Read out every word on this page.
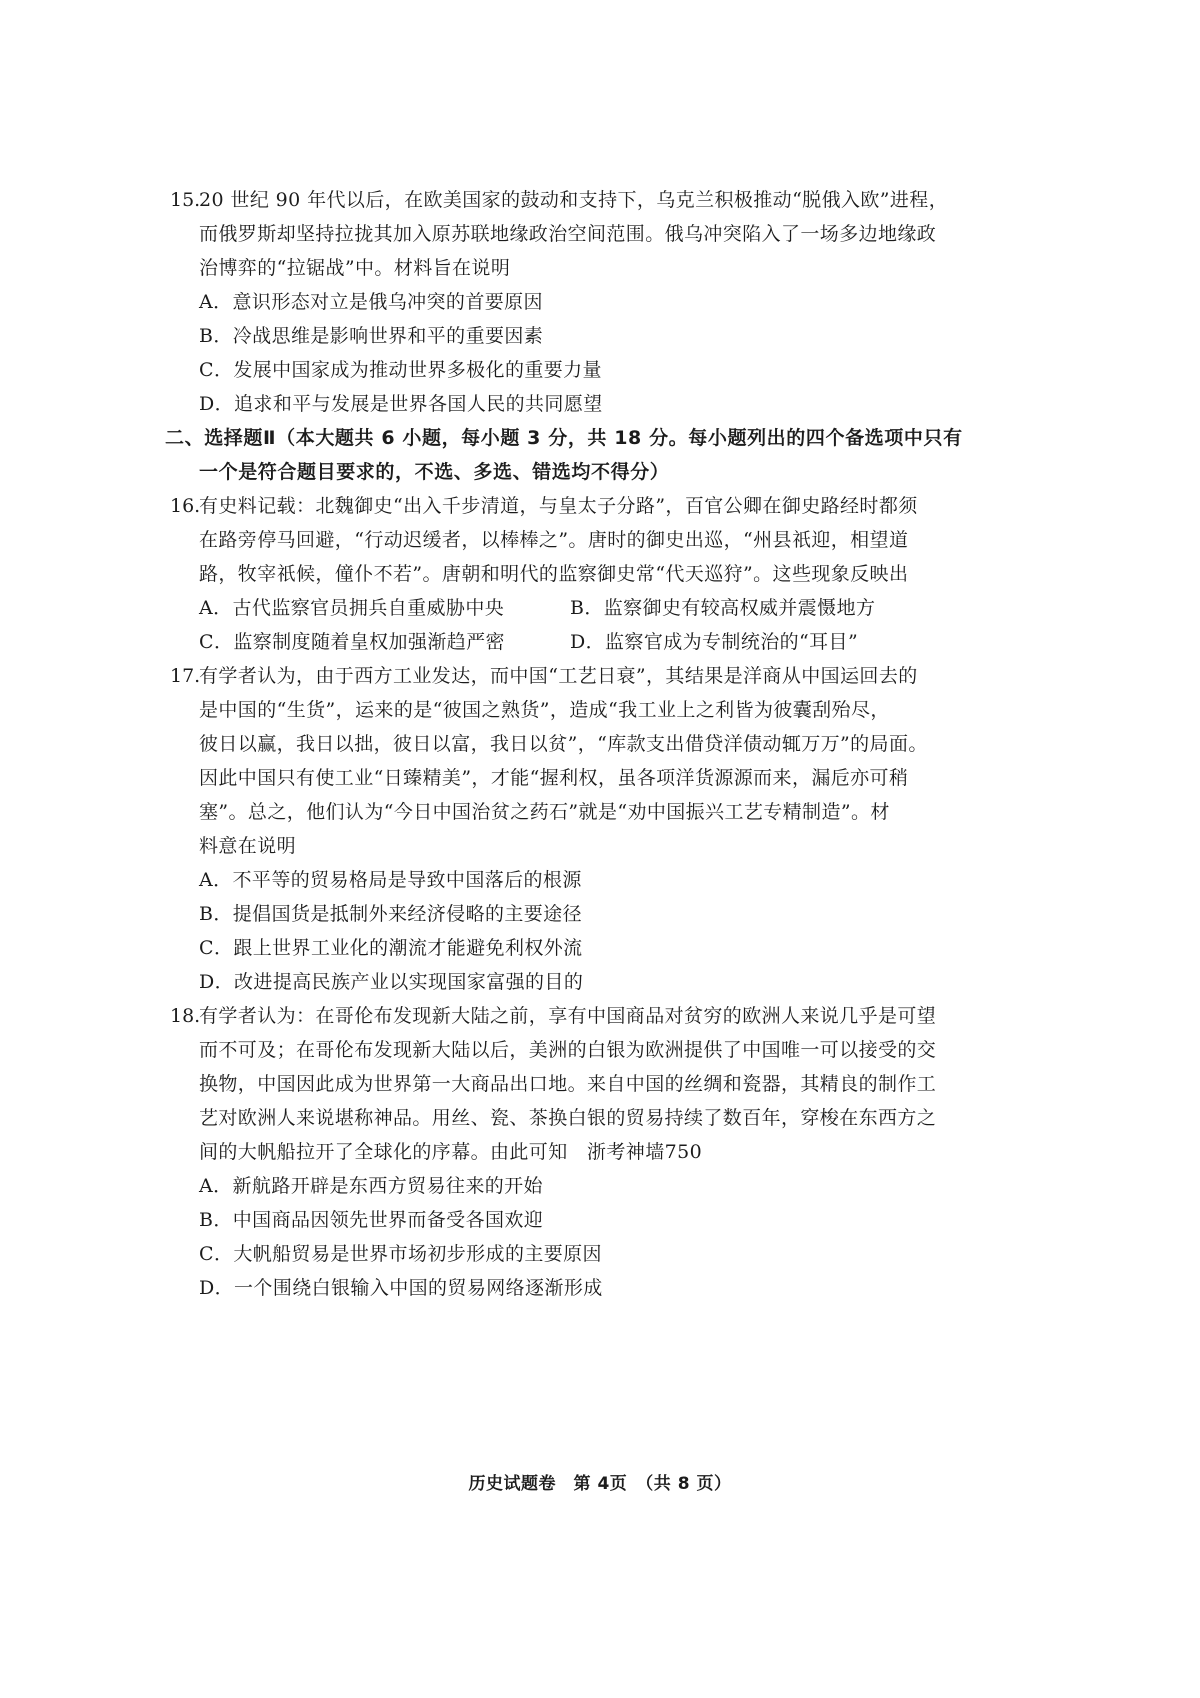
15.
20 世纪 90 年代以后，在欧美国家的鼓动和支持下，乌克兰积极推动“脱俄入欧”进程，
而俄罗斯却坚持拉拢其加入原苏联地缘政治空间范围。俄乌冲突陷入了一场多边地缘政
治博弈的“拉锯战”中。材料旨在说明
A．意识形态对立是俄乌冲突的首要原因
B．冷战思维是影响世界和平的重要因素
C．发展中国家成为推动世界多极化的重要力量
D．追求和平与发展是世界各国人民的共同愿望
二、选择题Ⅱ（本大题共 6 小题，每小题 3 分，共 18 分。每小题列出的四个备选项中只有
一个是符合题目要求的，不选、多选、错选均不得分）
16.
有史料记载：北魏御史“出入千步清道，与皇太子分路”，百官公卿在御史路经时都须
在路旁停马回避，“行动迟缓者，以棒棒之”。唐时的御史出巡，“州县祇迎，相望道
路，牧宰祇候，僮仆不若”。唐朝和明代的监察御史常“代天巡狩”。这些现象反映出
A．古代监察官员拥兵自重威胁中央	B．监察御史有较高权威并震慑地方
C．监察制度随着皇权加强渐趋严密	D．监察官成为专制统治的“耳目”
17.
有学者认为，由于西方工业发达，而中国“工艺日衰”，其结果是洋商从中国运回去的
是中国的“生货”，运来的是“彼国之熟货”，造成“我工业上之利皆为彼囊刮殆尽，
彼日以赢，我日以拙，彼日以富，我日以贫”，“库款支出借贷洋债动辄万万”的局面。
因此中国只有使工业“日臻精美”，才能“握利权，虽各项洋货源源而来，漏卮亦可稍
塞”。总之，他们认为“今日中国治贫之药石”就是“劝中国振兴工艺专精制造”。材
料意在说明
A．不平等的贸易格局是导致中国落后的根源
B．提倡国货是抵制外来经济侵略的主要途径
C．跟上世界工业化的潮流才能避免利权外流
D．改进提高民族产业以实现国家富强的目的
18.
有学者认为：在哥伦布发现新大陆之前，享有中国商品对贫穷的欧洲人来说几乎是可望
而不可及；在哥伦布发现新大陆以后，美洲的白银为欧洲提供了中国唯一可以接受的交
换物，中国因此成为世界第一大商品出口地。来自中国的丝绸和瓷器，其精良的制作工
艺对欧洲人来说堪称神品。用丝、瓷、茶换白银的贸易持续了数百年，穿梭在东西方之
间的大帆船拉开了全球化的序幕。由此可知　浙考神墙750
A．新航路开辟是东西方贸易往来的开始
B．中国商品因领先世界而备受各国欢迎
C．大帆船贸易是世界市场初步形成的主要原因
D．一个围绕白银输入中国的贸易网络逐渐形成
历史试题卷　第 4页　（共 8 页）
